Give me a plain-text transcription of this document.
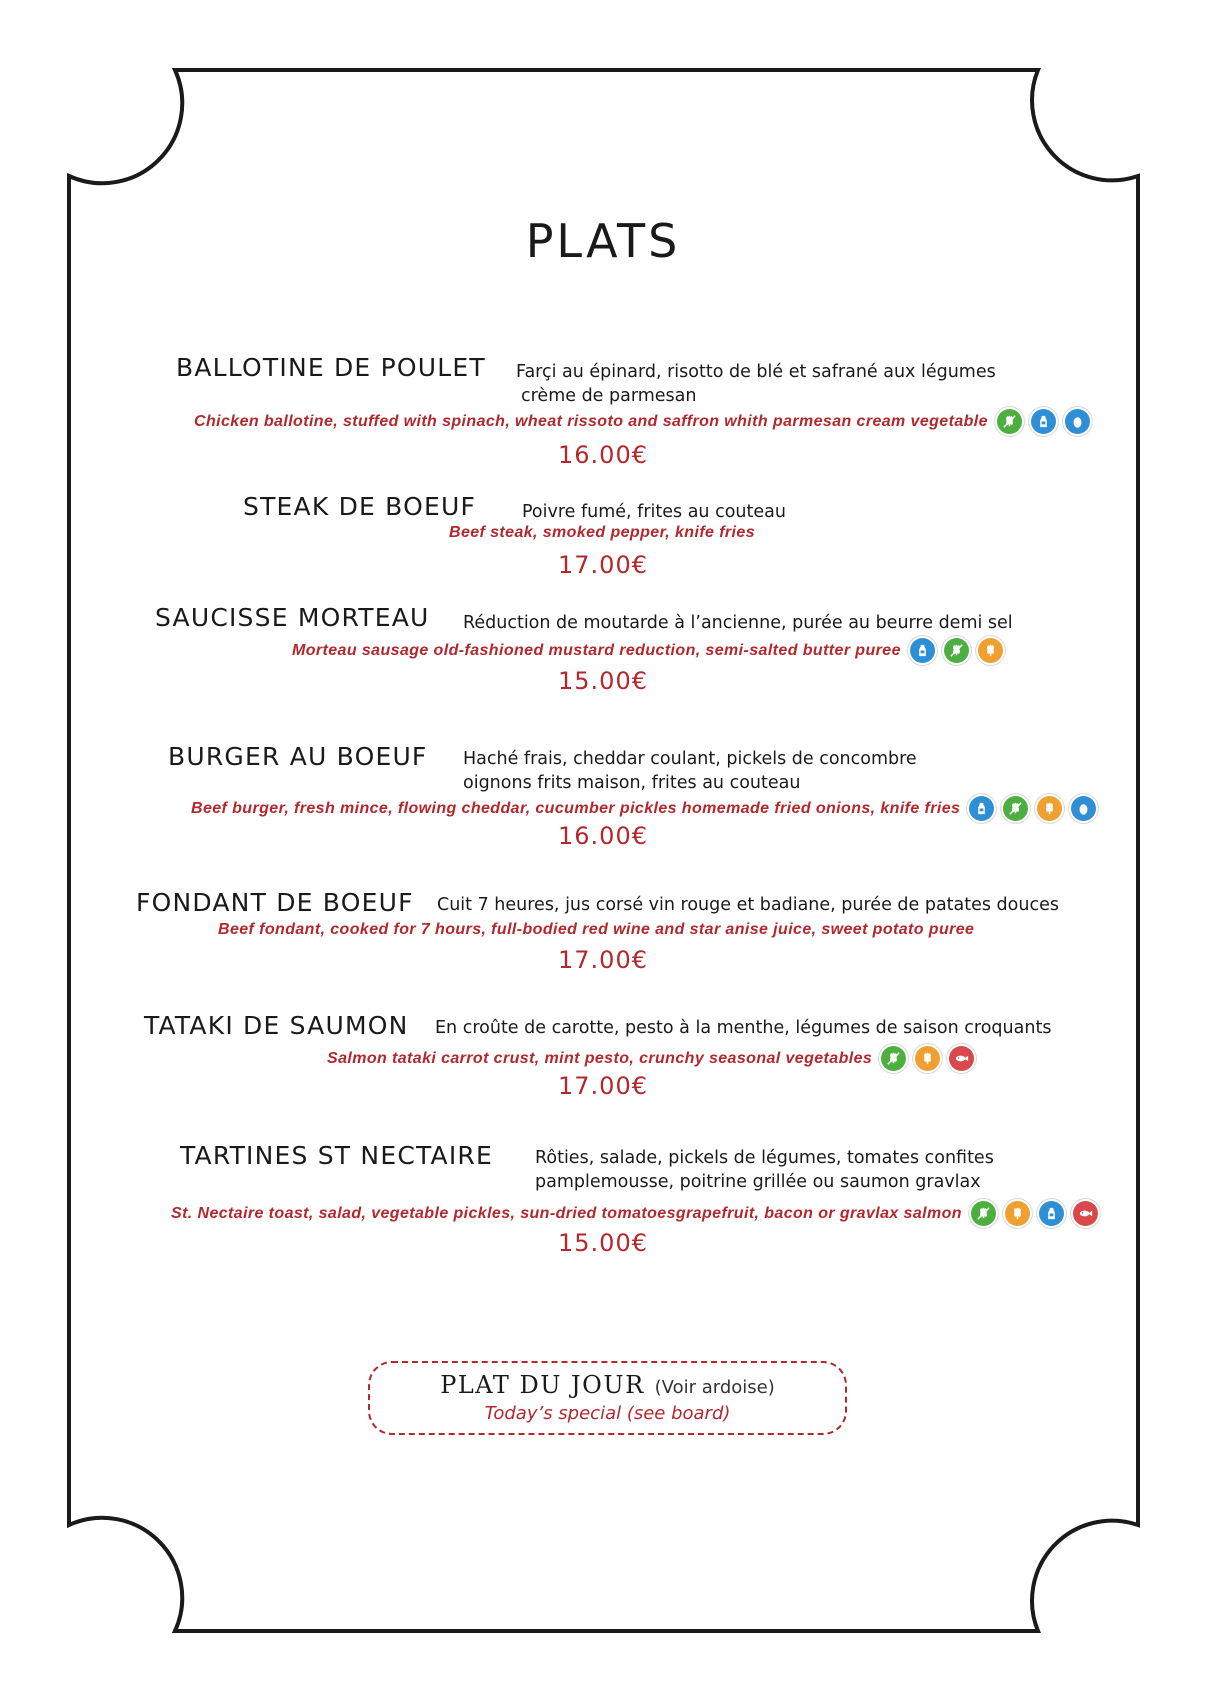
PLATS
BALLOTINE DE POULET Farçi au épinard, risotto de blé et safrané aux légumes
crème de parmesan
Chicken ballotine, stuffed with spinach, wheat rissoto and saffron whith parmesan cream vegetable
16.00€
STEAK DE BOEUF	Poivre fumé, frites au couteau
Beef steak, smoked pepper, knife fries
17.00€
SAUCISSE MORTEAU Réduction de moutarde à l’ancienne, purée au beurre demi sel
Morteau sausage old-fashioned mustard reduction, semi-salted butter puree
15.00€
BURGER AU BOEUF Haché frais, cheddar coulant, pickels de concombre
oignons frits maison, frites au couteau
Beef burger, fresh mince, flowing cheddar, cucumber pickles homemade fried onions, knife fries
16.00€
FONDANT DE BOEUF Cuit 7 heures, jus corsé vin rouge et badiane, purée de patates douces
Beef fondant, cooked for 7 hours, full-bodied red wine and star anise juice, sweet potato puree
17.00€
TATAKI DE SAUMON En croûte de carotte, pesto à la menthe, légumes de saison croquants
Salmon tataki carrot crust, mint pesto, crunchy seasonal vegetables
17.00€
TARTINES ST NECTAIRE Rôties, salade, pickels de légumes, tomates confites
pamplemousse, poitrine grillée ou saumon gravlax
St. Nectaire toast, salad, vegetable pickles, sun-dried tomatoesgrapefruit, bacon or gravlax salmon
15.00€
PLAT DU JOUR (Voir ardoise)
Today’s special (see board)
